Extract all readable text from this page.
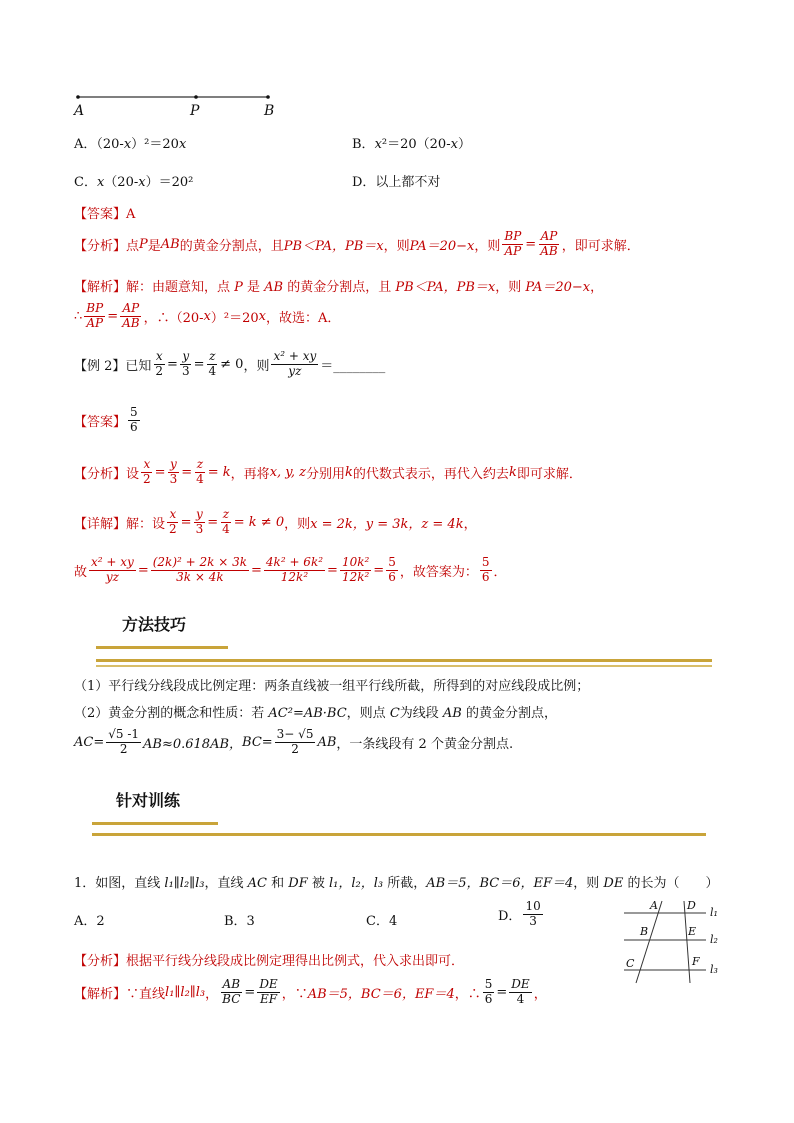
A	P	B
A．（20-x）²＝20x	B．x²＝20（20-x）
C．x（20-x）＝20²	D．以上都不对
【答案】A
【分析】 点 P 是 AB 的黄金分割点，且 PB＜PA，PB＝x ，则 PA＝20−x ，则 $\frac{BP}{AP} = \frac{AP}{AB}$ ，即可求解．
【解析】解：由题意知，点 P 是 AB 的黄金分割点，且 PB＜PA，PB＝x，则 PA＝20−x，
∴ $\frac{BP}{AP} = \frac{AP}{AB}$ ，∴（20- x ）²＝20 x ，故选：A．
【例 2】已知 $\frac{x}{2} = \frac{y}{3} = \frac{z}{4} \ne 0$ ，则 $\frac{\text{x² + xy}}{yz}$ ＝________
【答案】 $\frac{5}{6}$
【分析】 设 $\frac{x}{2} = \frac{y}{3} = \frac{z}{4} = k$ ，再将 x, y, z 分别用 k 的代数式表示，再代入约去 k 即可求解．
【详解】 解：设 $\frac{x}{2} = \frac{y}{3} = \frac{z}{4} = k \ne 0$ ，则 x = 2k，y = 3k，z = 4k ，
故 $\frac{\text{x² + xy}}{yz} = \frac{\text{(2k)² + 2k × 3k}}{3k \times 4k} = \frac{\text{4k² + 6k²}}{\text{12k²}} = \frac{\text{10k²}}{\text{12k²}} = \frac{5}{6}$ ，故答案为： $\frac{5}{6}$ ．
方法技巧
（1）平行线分线段成比例定理：两条直线被一组平行线所截，所得到的对应线段成比例；
（2）黄金分割的概念和性质：若 AC²=AB·BC，则点 C为线段 AB 的黄金分割点，
$AC= \frac{√5 -1}{2} AB\approx 0.618AB$， $BC= \frac{3- √5}{2}$ AB ，一条线段有 2 个黄金分割点.
针对训练
1．如图，直线 l₁∥l₂∥l₃，直线 AC 和 DF 被 l₁，l₂，l₃ 所截，AB＝5，BC＝6，EF＝4，则 DE 的长为（　　）
A．2	B．3	C．4	D． $\frac{10}{3}$
【分析】根据平行线分线段成比例定理得出比例式，代入求出即可．
【解析】 ∵直线 l₁∥l₂∥l₃ ， $\frac{AB}{BC} = \frac{DE}{EF}$ ，∵ AB＝5，BC＝6，EF＝4 ，∴ $\frac{5}{6} = \frac{DE}{4}$ ，
A	D
l₁
B	E
l₂
C	F
l₃
